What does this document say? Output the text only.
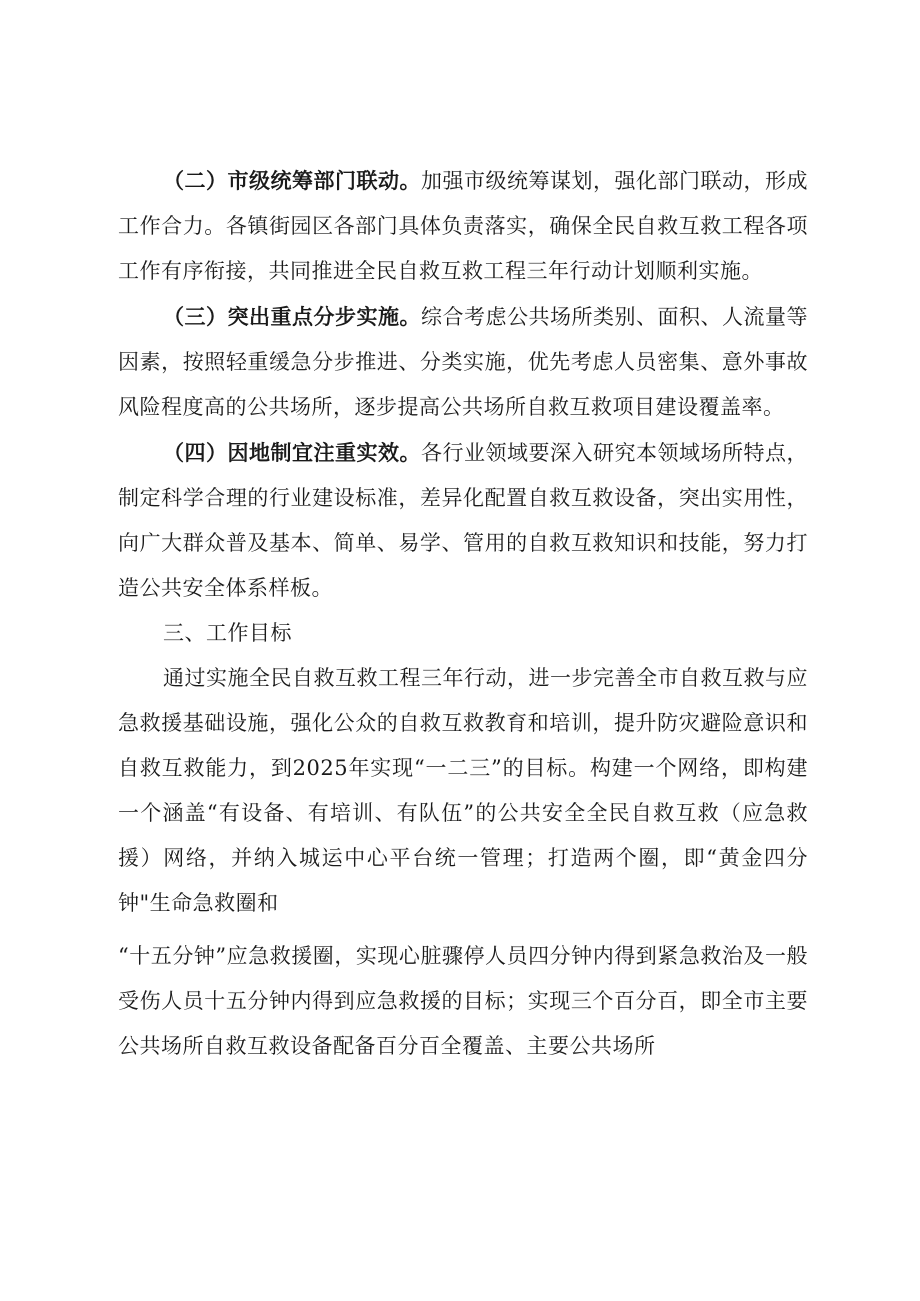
（二）市级统筹部门联动。加强市级统筹谋划，强化部门联动，形成工作合力。各镇街园区各部门具体负责落实，确保全民自救互救工程各项工作有序衔接，共同推进全民自救互救工程三年行动计划顺利实施。

（三）突出重点分步实施。综合考虑公共场所类别、面积、人流量等因素，按照轻重缓急分步推进、分类实施，优先考虑人员密集、意外事故风险程度高的公共场所，逐步提高公共场所自救互救项目建设覆盖率。

（四）因地制宜注重实效。各行业领域要深入研究本领域场所特点，制定科学合理的行业建设标准，差异化配置自救互救设备，突出实用性，向广大群众普及基本、简单、易学、管用的自救互救知识和技能，努力打造公共安全体系样板。

三、工作目标

通过实施全民自救互救工程三年行动，进一步完善全市自救互救与应急救援基础设施，强化公众的自救互救教育和培训，提升防灾避险意识和自救互救能力，到2025年实现“一二三”的目标。构建一个网络，即构建一个涵盖“有设备、有培训、有队伍”的公共安全全民自救互救（应急救援）网络，并纳入城运中心平台统一管理；打造两个圈，即“黄金四分钟"生命急救圈和

“十五分钟”应急救援圈，实现心脏骤停人员四分钟内得到紧急救治及一般受伤人员十五分钟内得到应急救援的目标；实现三个百分百，即全市主要公共场所自救互救设备配备百分百全覆盖、主要公共场所
